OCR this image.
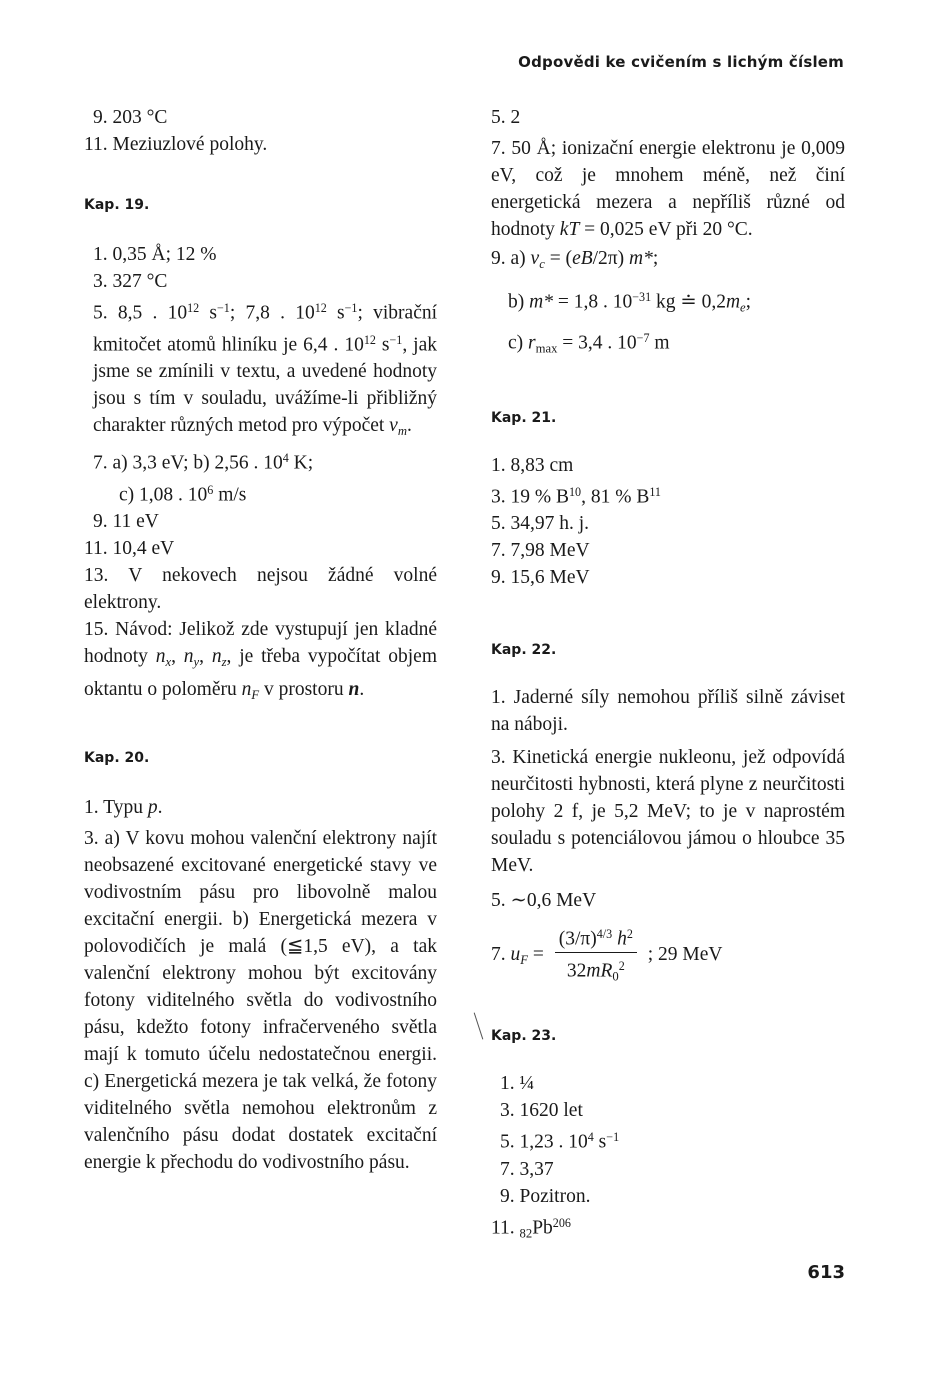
Odpovědi ke cvičením s lichým číslem

9. 203 °C

11. Meziuzlové polohy.

Kap. 19.

1. 0,35 Å; 12 %

3. 327 °C

5. 8,5 . $10^{12}$ $s^{-1}$; 7,8 . $10^{12}$ $s^{-1}$; vibrační kmitočet atomů hliníku je 6,4 . $10^{12}$ $s^{-1}$, jak jsme se zmínili v textu, a uvedené hodnoty jsou s tím v souladu, uvážíme-li přibližný charakter různých metod pro výpočet $v_m$.

7. a) 3,3 eV; b) 2,56 . $10^4$ K;

c) 1,08 . $10^6$ m/s

9. 11 eV

11. 10,4 eV

13. V nekovech nejsou žádné volné elektrony.

15. Návod: Jelikož zde vystupují jen kladné hodnoty $n_x$, $n_y$, $n_z$, je třeba vypočítat objem oktantu o poloměru $n_F$ v prostoru n.

Kap. 20.

1. Typu p.

3. a) V kovu mohou valenční elektrony najít neobsazené excitované energetické stavy ve vodivostním pásu pro libovolně malou excitační energii. b) Energetická mezera v polovodičích je malá (≦1,5 eV), a tak valenční elektrony mohou být excitovány fotony viditelného světla do vodivostního pásu, kdežto fotony infračerveného světla mají k tomuto účelu nedostatečnou energii. c) Energetická mezera je tak velká, že fotony viditelného světla nemohou elektronům z valenčního pásu dodat dostatek excitační energie k přechodu do vodivostního pásu.

5. 2

7. 50 Å; ionizační energie elektronu je 0,009 eV, což je mnohem méně, než činí energetická mezera a nepříliš různé od hodnoty kT = 0,025 eV při 20 °C.

9. a) $v_c = (eB/2\pi)$ m*;

b) m* = 1,8 . $10^{-31}$ kg ≐ $0,2m_e$;

c) $r_{max} = 3,4$ . $10^{-7}$ m

Kap. 21.

1. 8,83 cm

3. 19 % $B^{10}$, 81 % $B^{11}$

5. 34,97 h. j.

7. 7,98 MeV

9. 15,6 MeV

Kap. 22.

1. Jaderné síly nemohou příliš silně záviset na náboji.

3. Kinetická energie nukleonu, jež odpovídá neurčitosti hybnosti, která plyne z neurčitosti polohy 2 f, je 5,2 MeV; to je v naprostém souladu s potenciálovou jámou o hloubce 35 MeV.

5. ∼0,6 MeV

7. $u_F = \frac{(3/\pi)^{4/3} h^2}{32mR_0^2}$ ; 29 MeV

Kap. 23.

1. ¼

3. 1620 let

5. 1,23 . $10^4$ $s^{-1}$

7. 3,37

9. Pozitron.

11. $_{82}Pb^{206}$

613
